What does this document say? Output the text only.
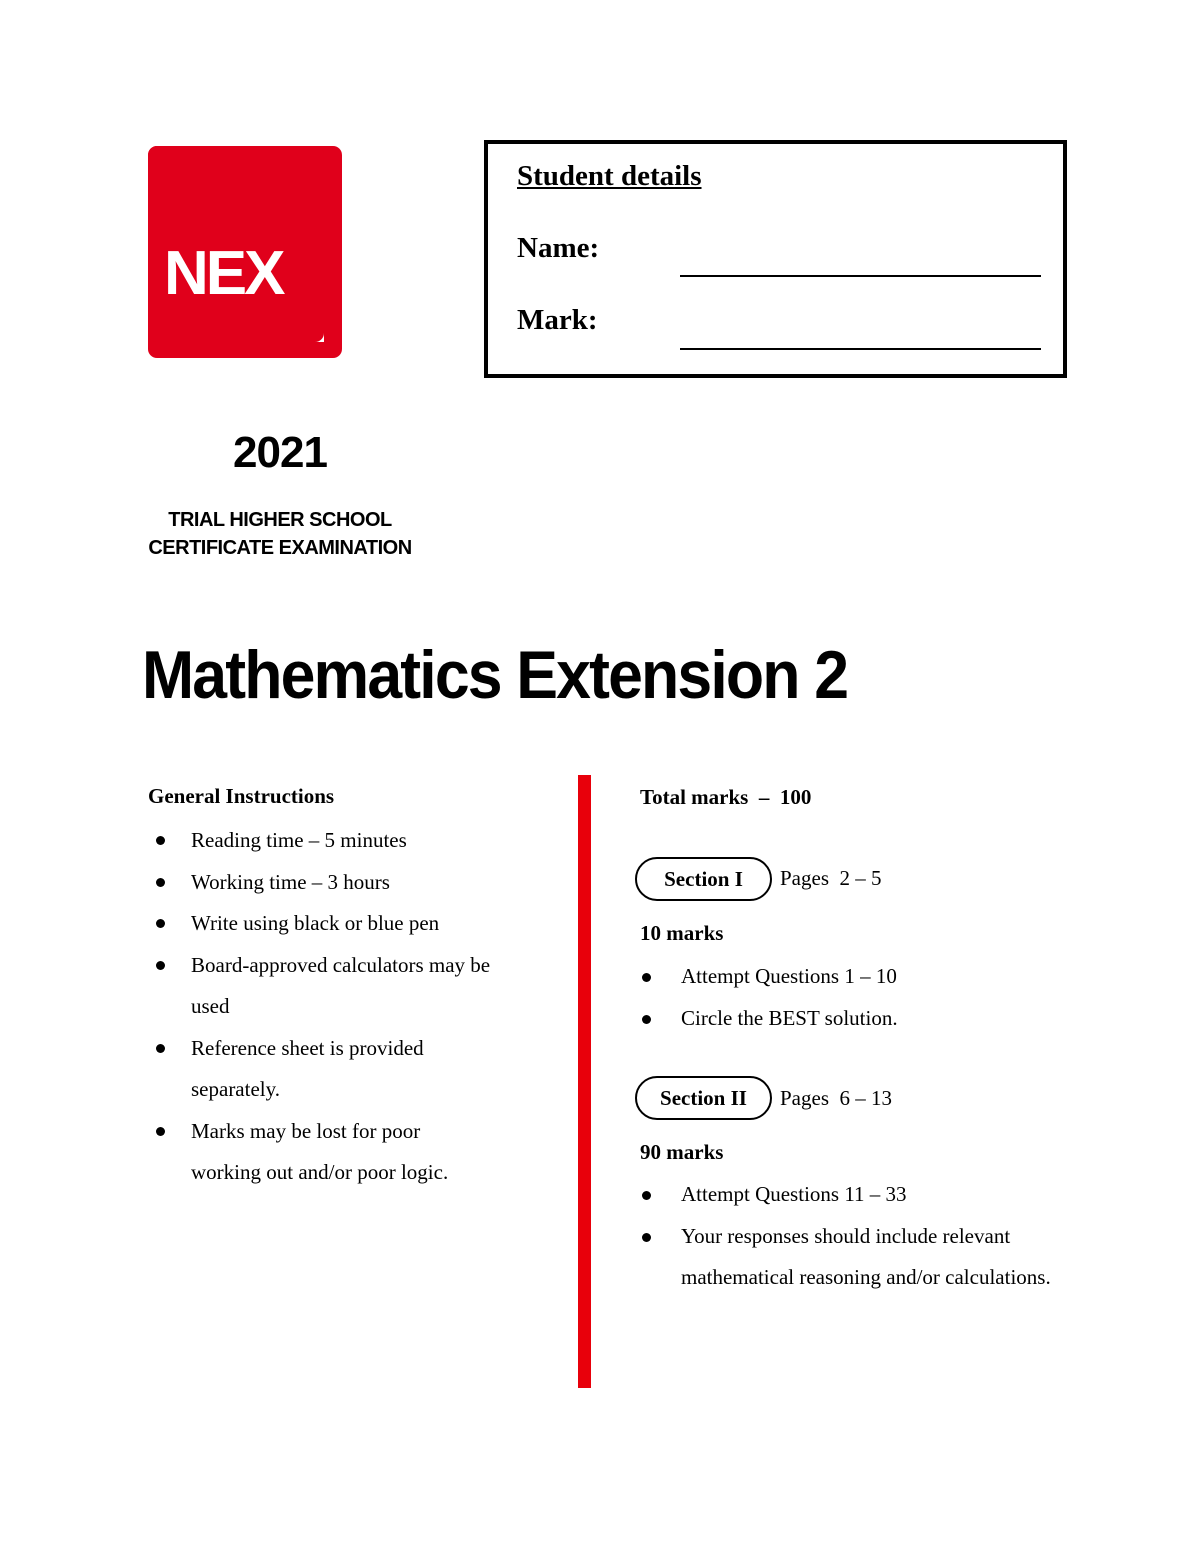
NEX
Student details
Name:
Mark:
2021
TRIAL HIGHER SCHOOL
CERTIFICATE EXAMINATION
Mathematics Extension 2
General Instructions
Reading time – 5 minutes
Working time – 3 hours
Write using black or blue pen
Board-approved calculators may be used
Reference sheet is provided separately.
Marks may be lost for poor working out and/or poor logic.
Total marks  –  100
Section I	Pages  2 – 5
10 marks
Attempt Questions 1 – 10
Circle the BEST solution.
Section II	Pages  6 – 13
90 marks
Attempt Questions 11 – 33
Your responses should include relevant mathematical reasoning and/or calculations.
